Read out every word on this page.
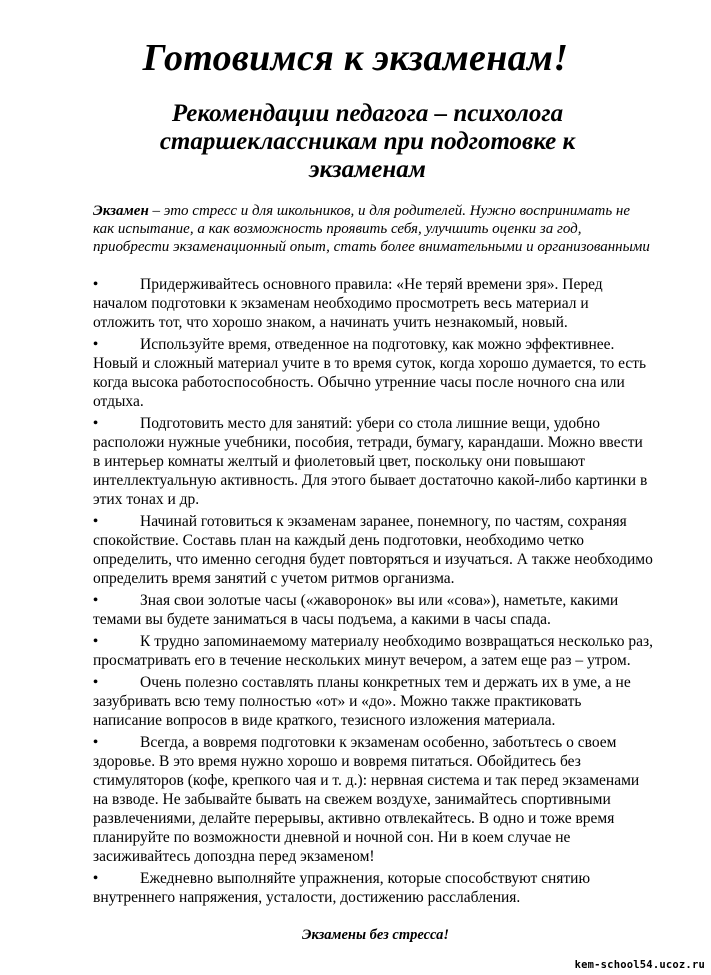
Готовимся к экзаменам!
Рекомендации педагога – психолога старшеклассникам при подготовке к экзаменам
Экзамен – это стресс и для школьников, и для родителей. Нужно воспринимать не как испытание, а как возможность проявить себя, улучшить оценки за год, приобрести экзаменационный опыт, стать более внимательными и организованными
•	Придерживайтесь основного правила: «Не теряй времени зря». Перед началом подготовки к экзаменам необходимо просмотреть весь материал и отложить тот, что хорошо знаком, а начинать учить незнакомый, новый.
•	Используйте время, отведенное на подготовку, как можно эффективнее. Новый и сложный материал учите в то время суток, когда хорошо думается, то есть когда высока работоспособность. Обычно утренние часы после ночного сна или отдыха.
•	Подготовить место для занятий: убери со стола лишние вещи, удобно расположи нужные учебники, пособия, тетради, бумагу, карандаши. Можно ввести в интерьер комнаты желтый и фиолетовый цвет, поскольку они повышают интеллектуальную активность. Для этого бывает достаточно какой-либо картинки в этих тонах и др.
•	Начинай готовиться к экзаменам заранее, понемногу, по частям, сохраняя спокойствие. Составь план на каждый день подготовки, необходимо четко определить, что именно сегодня будет повторяться и изучаться. А также необходимо определить время занятий с учетом ритмов организма.
•	Зная свои золотые часы («жаворонок» вы или «сова»), наметьте, какими темами вы будете заниматься в часы подъема, а какими в часы спада.
•	К трудно запоминаемому материалу необходимо возвращаться несколько раз, просматривать его в течение нескольких минут вечером, а затем еще раз – утром.
•	Очень полезно составлять планы конкретных тем и держать их в уме, а не зазубривать всю тему полностью «от» и «до». Можно также практиковать написание вопросов в виде краткого, тезисного изложения материала.
•	Всегда, а вовремя подготовки к экзаменам особенно, заботьтесь о своем здоровье. В это время нужно хорошо и вовремя питаться. Обойдитесь без стимуляторов (кофе, крепкого чая и т. д.): нервная система и так перед экзаменами на взводе. Не забывайте бывать на свежем воздухе, занимайтесь спортивными развлечениями, делайте перерывы, активно отвлекайтесь. В одно и тоже время планируйте по возможности дневной и ночной сон. Ни в коем случае не засиживайтесь допоздна перед экзаменом!
•	Ежедневно выполняйте упражнения, которые способствуют снятию внутреннего напряжения, усталости, достижению расслабления.
Экзамены без стресса!
kem-school54.ucoz.ru
